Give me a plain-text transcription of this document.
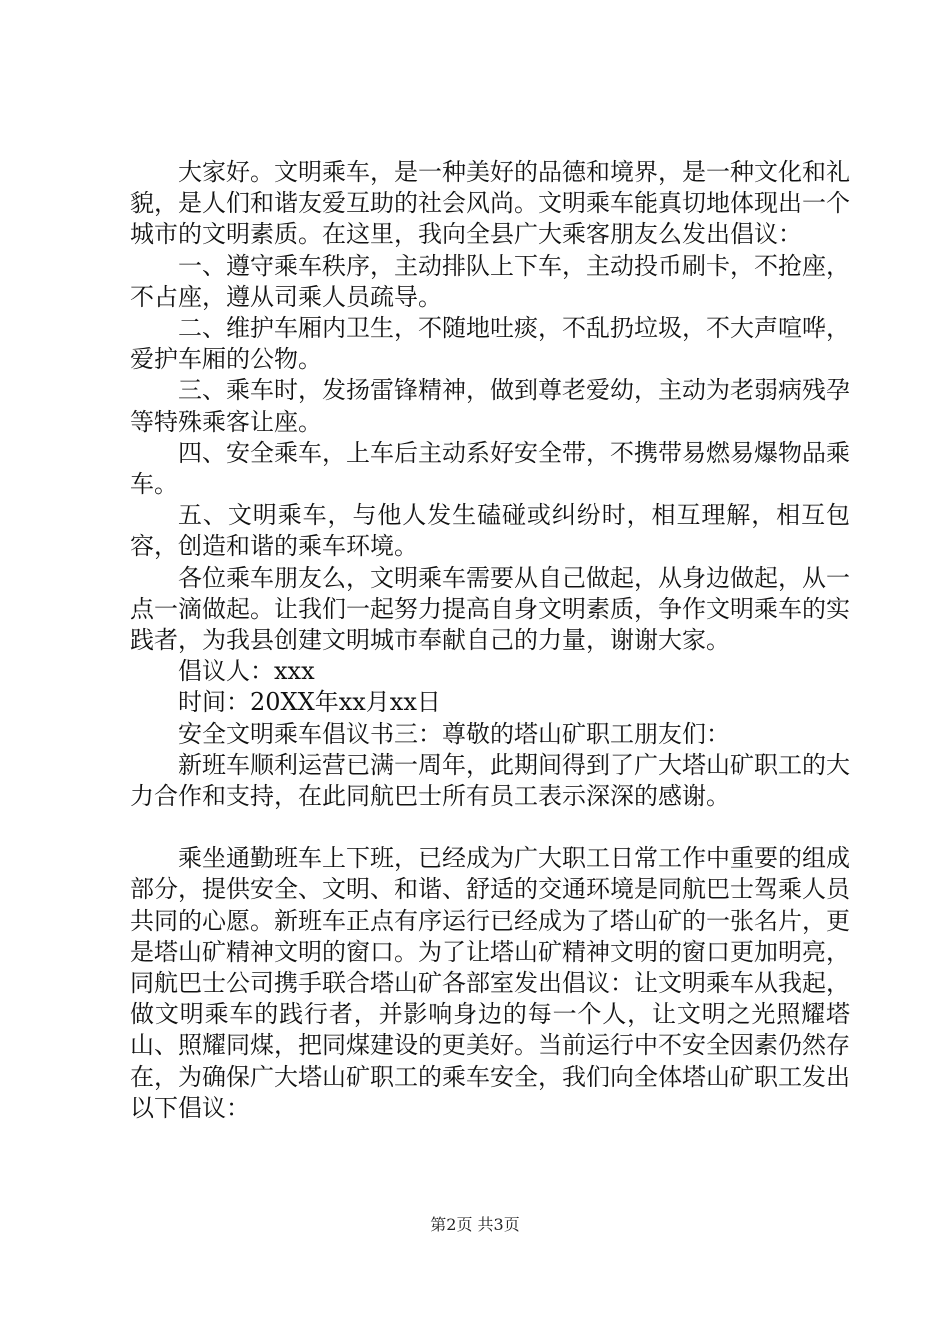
大家好。文明乘车，是一种美好的品德和境界，是一种文化和礼貌，是人们和谐友爱互助的社会风尚。文明乘车能真切地体现出一个城市的文明素质。在这里，我向全县广大乘客朋友么发出倡议：

一、遵守乘车秩序，主动排队上下车，主动投币刷卡，不抢座，不占座，遵从司乘人员疏导。

二、维护车厢内卫生，不随地吐痰，不乱扔垃圾，不大声喧哗，爱护车厢的公物。

三、乘车时，发扬雷锋精神，做到尊老爱幼，主动为老弱病残孕等特殊乘客让座。

四、安全乘车，上车后主动系好安全带，不携带易燃易爆物品乘车。

五、文明乘车，与他人发生磕碰或纠纷时，相互理解，相互包容，创造和谐的乘车环境。

各位乘车朋友么，文明乘车需要从自己做起，从身边做起，从一点一滴做起。让我们一起努力提高自身文明素质，争作文明乘车的实践者，为我县创建文明城市奉献自己的力量，谢谢大家。

倡议人：xxx

时间：20XX年xx月xx日

安全文明乘车倡议书三：尊敬的塔山矿职工朋友们：

新班车顺利运营已满一周年，此期间得到了广大塔山矿职工的大力合作和支持，在此同航巴士所有员工表示深深的感谢。

乘坐通勤班车上下班，已经成为广大职工日常工作中重要的组成部分，提供安全、文明、和谐、舒适的交通环境是同航巴士驾乘人员共同的心愿。新班车正点有序运行已经成为了塔山矿的一张名片，更是塔山矿精神文明的窗口。为了让塔山矿精神文明的窗口更加明亮，同航巴士公司携手联合塔山矿各部室发出倡议：让文明乘车从我起，做文明乘车的践行者，并影响身边的每一个人，让文明之光照耀塔山、照耀同煤，把同煤建设的更美好。当前运行中不安全因素仍然存在，为确保广大塔山矿职工的乘车安全，我们向全体塔山矿职工发出以下倡议：

第2页 共3页
